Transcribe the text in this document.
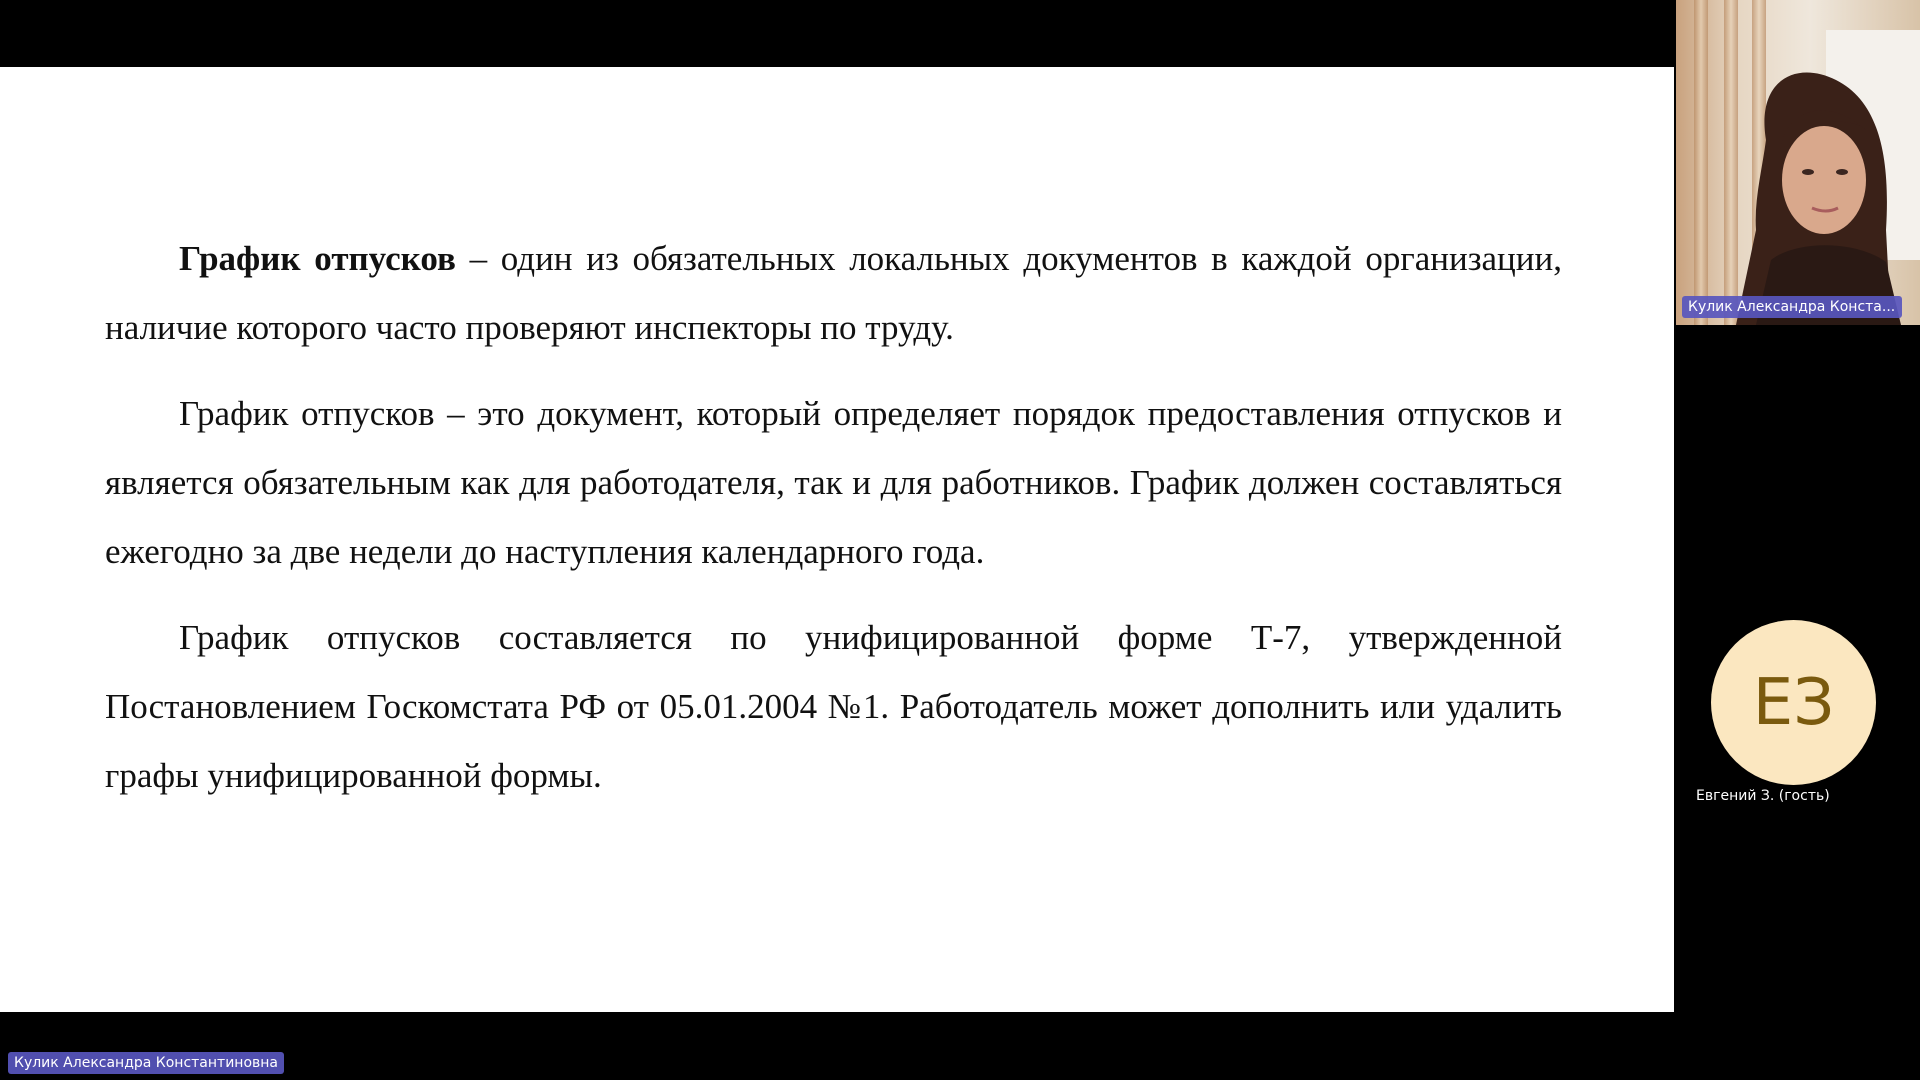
График отпусков – один из обязательных локальных документов в каждой организации, наличие которого часто проверяют инспекторы по труду.

График отпусков – это документ, который определяет порядок предоставления отпусков и является обязательным как для работодателя, так и для работников. График должен составляться ежегодно за две недели до наступления календарного года.

График отпусков составляется по унифицированной форме Т-7, утвержденной Постановлением Госкомстата РФ от 05.01.2004 №1. Работодатель может дополнить или удалить графы унифицированной формы.

Кулик Александра Конста...
ЕЗ
Евгений З. (гость)
Кулик Александра Константиновна
